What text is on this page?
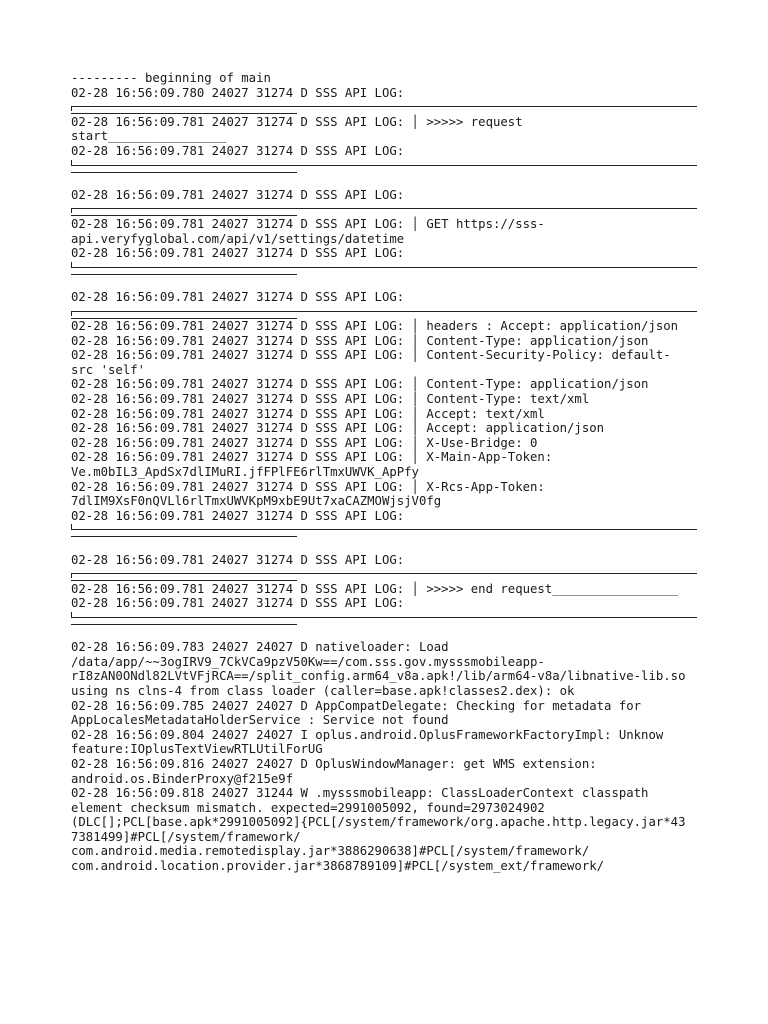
--------- beginning of main
02-28 16:56:09.780 24027 31274 D SSS API LOG:
02-28 16:56:09.781 24027 31274 D SSS API LOG: │ >>>>> request
start________________
02-28 16:56:09.781 24027 31274 D SSS API LOG:
02-28 16:56:09.781 24027 31274 D SSS API LOG:
02-28 16:56:09.781 24027 31274 D SSS API LOG: │ GET https://sss-
api.veryfyglobal.com/api/v1/settings/datetime
02-28 16:56:09.781 24027 31274 D SSS API LOG:
02-28 16:56:09.781 24027 31274 D SSS API LOG:
02-28 16:56:09.781 24027 31274 D SSS API LOG: │ headers : Accept: application/json
02-28 16:56:09.781 24027 31274 D SSS API LOG: │ Content-Type: application/json
02-28 16:56:09.781 24027 31274 D SSS API LOG: │ Content-Security-Policy: default-
src 'self'
02-28 16:56:09.781 24027 31274 D SSS API LOG: │ Content-Type: application/json
02-28 16:56:09.781 24027 31274 D SSS API LOG: │ Content-Type: text/xml
02-28 16:56:09.781 24027 31274 D SSS API LOG: │ Accept: text/xml
02-28 16:56:09.781 24027 31274 D SSS API LOG: │ Accept: application/json
02-28 16:56:09.781 24027 31274 D SSS API LOG: │ X-Use-Bridge: 0
02-28 16:56:09.781 24027 31274 D SSS API LOG: │ X-Main-App-Token:
Ve.m0bIL3_ApdSx7dlIMuRI.jfFPlFE6rlTmxUWVK_ApPfy
02-28 16:56:09.781 24027 31274 D SSS API LOG: │ X-Rcs-App-Token:
7dlIM9XsF0nQVLl6rlTmxUWVKpM9xbE9Ut7xaCAZMOWjsjV0fg
02-28 16:56:09.781 24027 31274 D SSS API LOG:
02-28 16:56:09.781 24027 31274 D SSS API LOG:
02-28 16:56:09.781 24027 31274 D SSS API LOG: │ >>>>> end request_________________
02-28 16:56:09.781 24027 31274 D SSS API LOG:
02-28 16:56:09.783 24027 24027 D nativeloader: Load
/data/app/~~3ogIRV9_7CkVCa9pzV50Kw==/com.sss.gov.mysssmobileapp-
rI8zAN0ONdl82LVtVFjRCA==/split_config.arm64_v8a.apk!/lib/arm64-v8a/libnative-lib.so
using ns clns-4 from class loader (caller=base.apk!classes2.dex): ok
02-28 16:56:09.785 24027 24027 D AppCompatDelegate: Checking for metadata for
AppLocalesMetadataHolderService : Service not found
02-28 16:56:09.804 24027 24027 I oplus.android.OplusFrameworkFactoryImpl: Unknow
feature:IOplusTextViewRTLUtilForUG
02-28 16:56:09.816 24027 24027 D OplusWindowManager: get WMS extension:
android.os.BinderProxy@f215e9f
02-28 16:56:09.818 24027 31244 W .mysssmobileapp: ClassLoaderContext classpath
element checksum mismatch. expected=2991005092, found=2973024902
(DLC[];PCL[base.apk*2991005092]{PCL[/system/framework/org.apache.http.legacy.jar*43
7381499]#PCL[/system/framework/
com.android.media.remotedisplay.jar*3886290638]#PCL[/system/framework/
com.android.location.provider.jar*3868789109]#PCL[/system_ext/framework/
